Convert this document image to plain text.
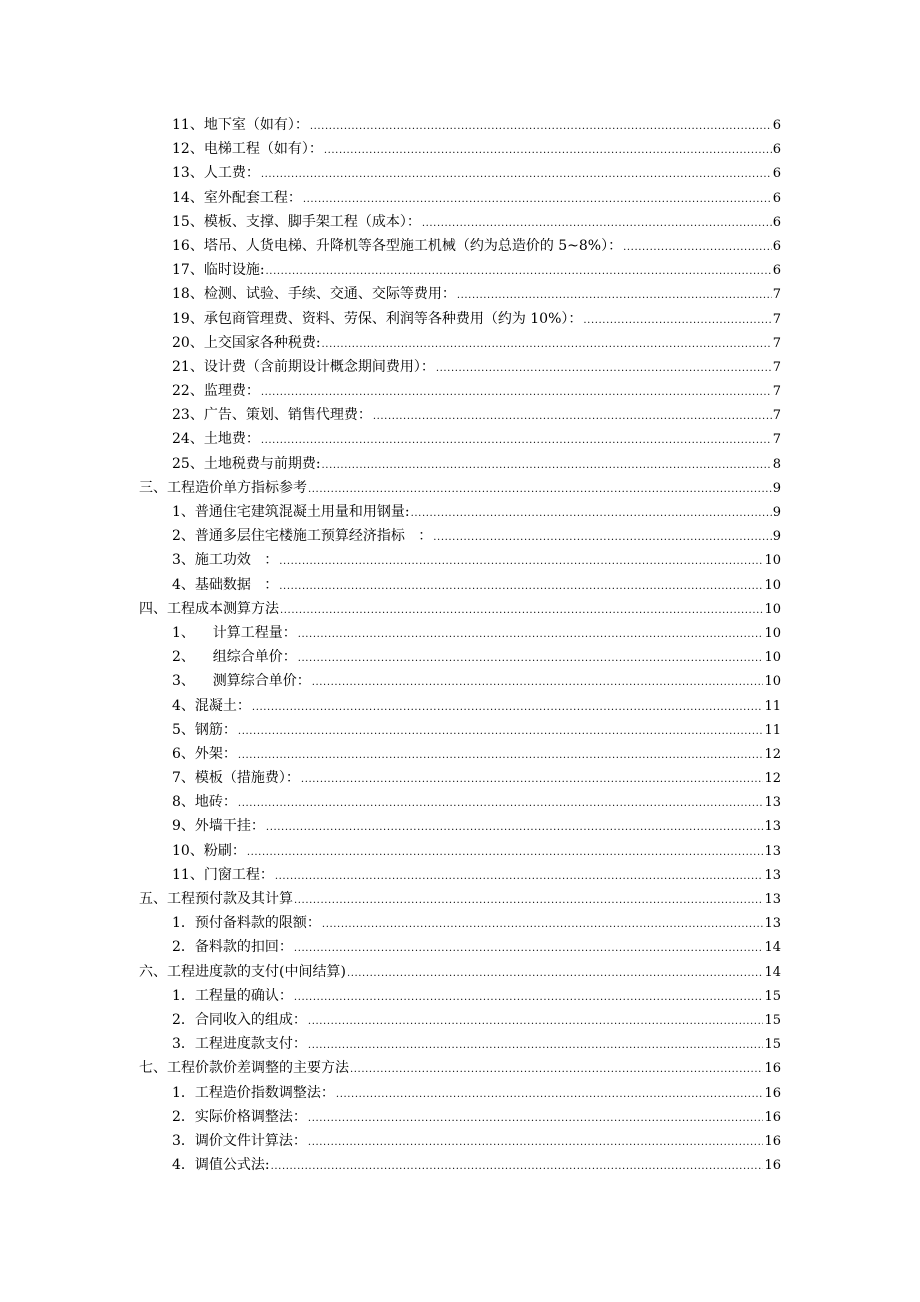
11、地下室（如有）： .....	6
12、电梯工程（如有）： .....	6
13、人工费： .....	6
14、室外配套工程： .....	6
15、模板、支撑、脚手架工程（成本）： .....	6
16、塔吊、人货电梯、升降机等各型施工机械（约为总造价的 5~8%）： .....	6
17、临时设施: .....	6
18、检测、试验、手续、交通、交际等费用： .....	7
19、承包商管理费、资料、劳保、利润等各种费用（约为 10%）： .....	7
20、上交国家各种税费: .....	7
21、设计费（含前期设计概念期间费用）： .....	7
22、监理费： .....	7
23、广告、策划、销售代理费： .....	7
24、土地费： .....	7
25、土地税费与前期费: .....	8
三、工程造价单方指标参考 .....	9
1、普通住宅建筑混凝土用量和用钢量: .....	9
2、普通多层住宅楼施工预算经济指标   ： .....	9
3、施工功效   ： .....	10
4、基础数据   ： .....	10
四、工程成本测算方法 .....	10
1、    计算工程量： .....	10
2、    组综合单价： .....	10
3、    测算综合单价： .....	10
4、混凝土： .....	11
5、钢筋： .....	11
6、外架： .....	12
7、模板（措施费）： .....	12
8、地砖： .....	13
9、外墙干挂： .....	13
10、粉刷： .....	13
11、门窗工程： .....	13
五、工程预付款及其计算 .....	13
1．预付备料款的限额： .....	13
2．备料款的扣回： .....	14
六、工程进度款的支付(中间结算) .....	14
1．工程量的确认： .....	15
2．合同收入的组成： .....	15
3．工程进度款支付： .....	15
七、工程价款价差调整的主要方法 .....	16
1．工程造价指数调整法： .....	16
2．实际价格调整法： .....	16
3．调价文件计算法： .....	16
4．调值公式法: .....	16
